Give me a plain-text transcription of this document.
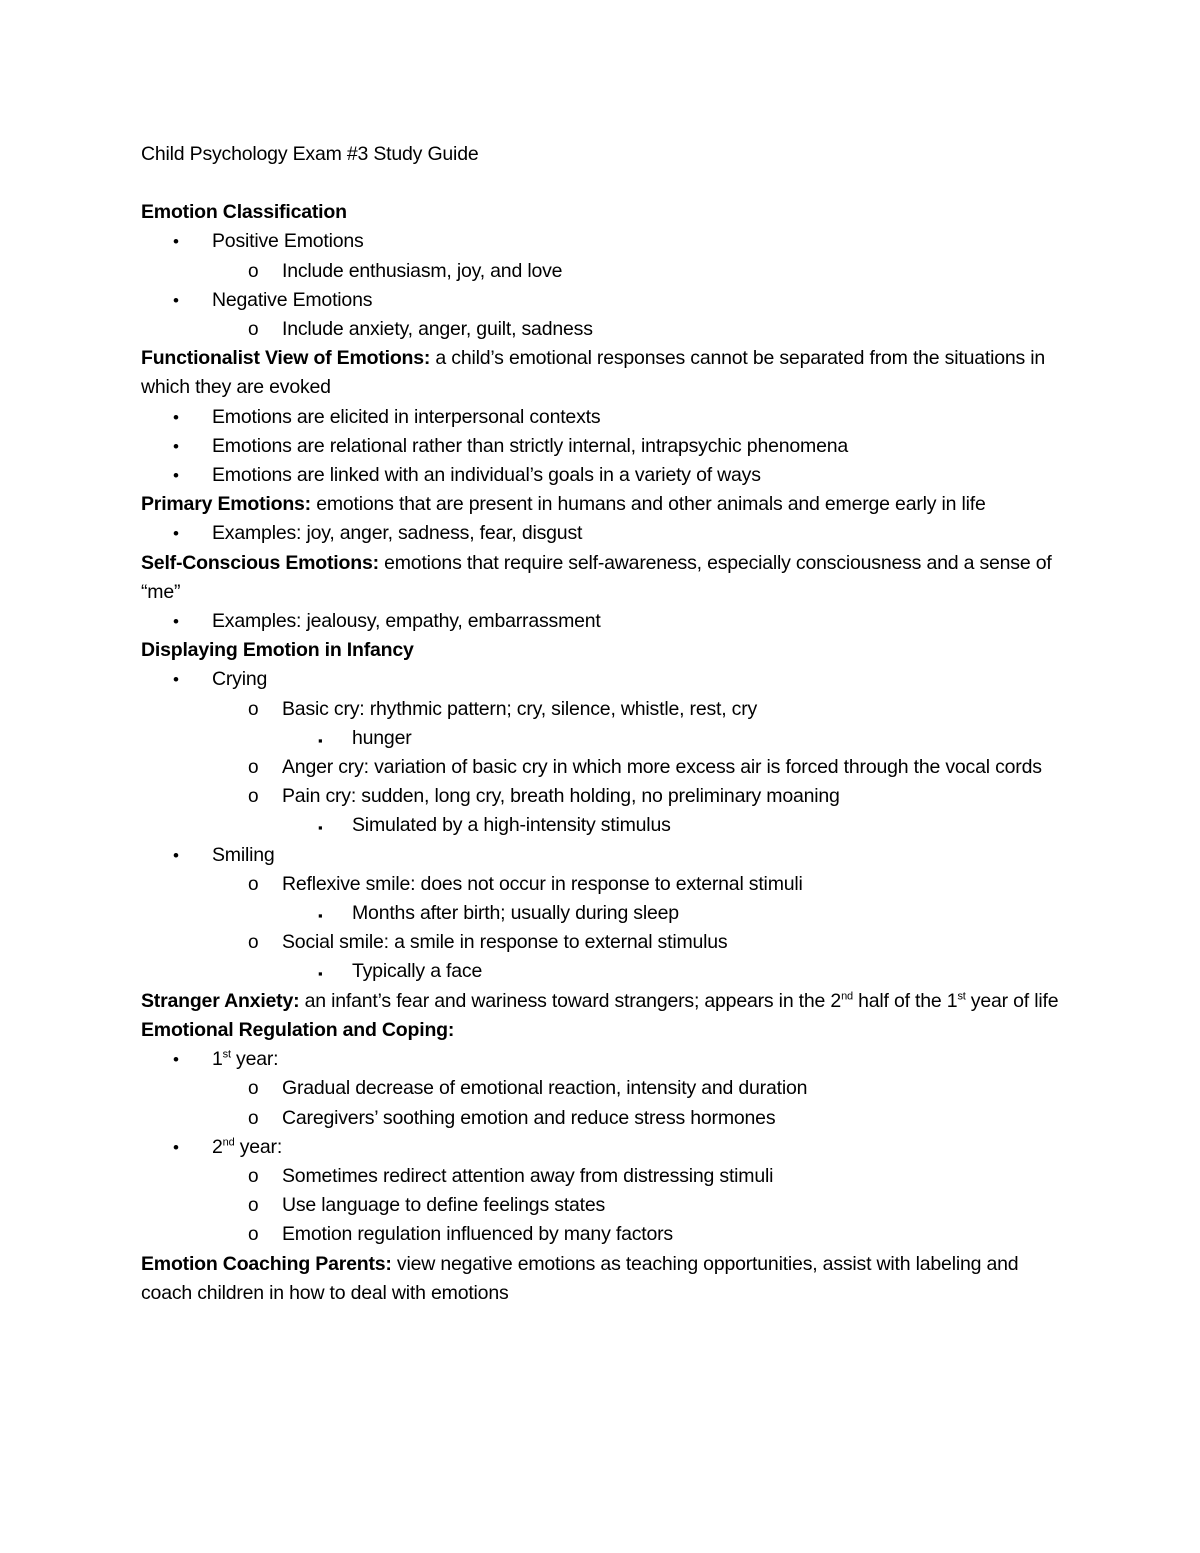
Child Psychology Exam #3 Study Guide

Emotion Classification

• Positive Emotions

o Include enthusiasm, joy, and love

• Negative Emotions

o Include anxiety, anger, guilt, sadness

Functionalist View of Emotions: a child’s emotional responses cannot be separated from the situations in which they are evoked

• Emotions are elicited in interpersonal contexts

• Emotions are relational rather than strictly internal, intrapsychic phenomena

• Emotions are linked with an individual’s goals in a variety of ways

Primary Emotions: emotions that are present in humans and other animals and emerge early in life

• Examples: joy, anger, sadness, fear, disgust

Self-Conscious Emotions: emotions that require self-awareness, especially consciousness and a sense of “me”

• Examples: jealousy, empathy, embarrassment

Displaying Emotion in Infancy

• Crying

o Basic cry: rhythmic pattern; cry, silence, whistle, rest, cry

▪ hunger

o Anger cry: variation of basic cry in which more excess air is forced through the vocal cords

o Pain cry: sudden, long cry, breath holding, no preliminary moaning

▪ Simulated by a high-intensity stimulus

• Smiling

o Reflexive smile: does not occur in response to external stimuli

▪ Months after birth; usually during sleep

o Social smile: a smile in response to external stimulus

▪ Typically a face

Stranger Anxiety: an infant’s fear and wariness toward strangers; appears in the 2nd half of the 1st year of life

Emotional Regulation and Coping:

• 1st year:

o Gradual decrease of emotional reaction, intensity and duration

o Caregivers’ soothing emotion and reduce stress hormones

• 2nd year:

o Sometimes redirect attention away from distressing stimuli

o Use language to define feelings states

o Emotion regulation influenced by many factors

Emotion Coaching Parents: view negative emotions as teaching opportunities, assist with labeling and coach children in how to deal with emotions
